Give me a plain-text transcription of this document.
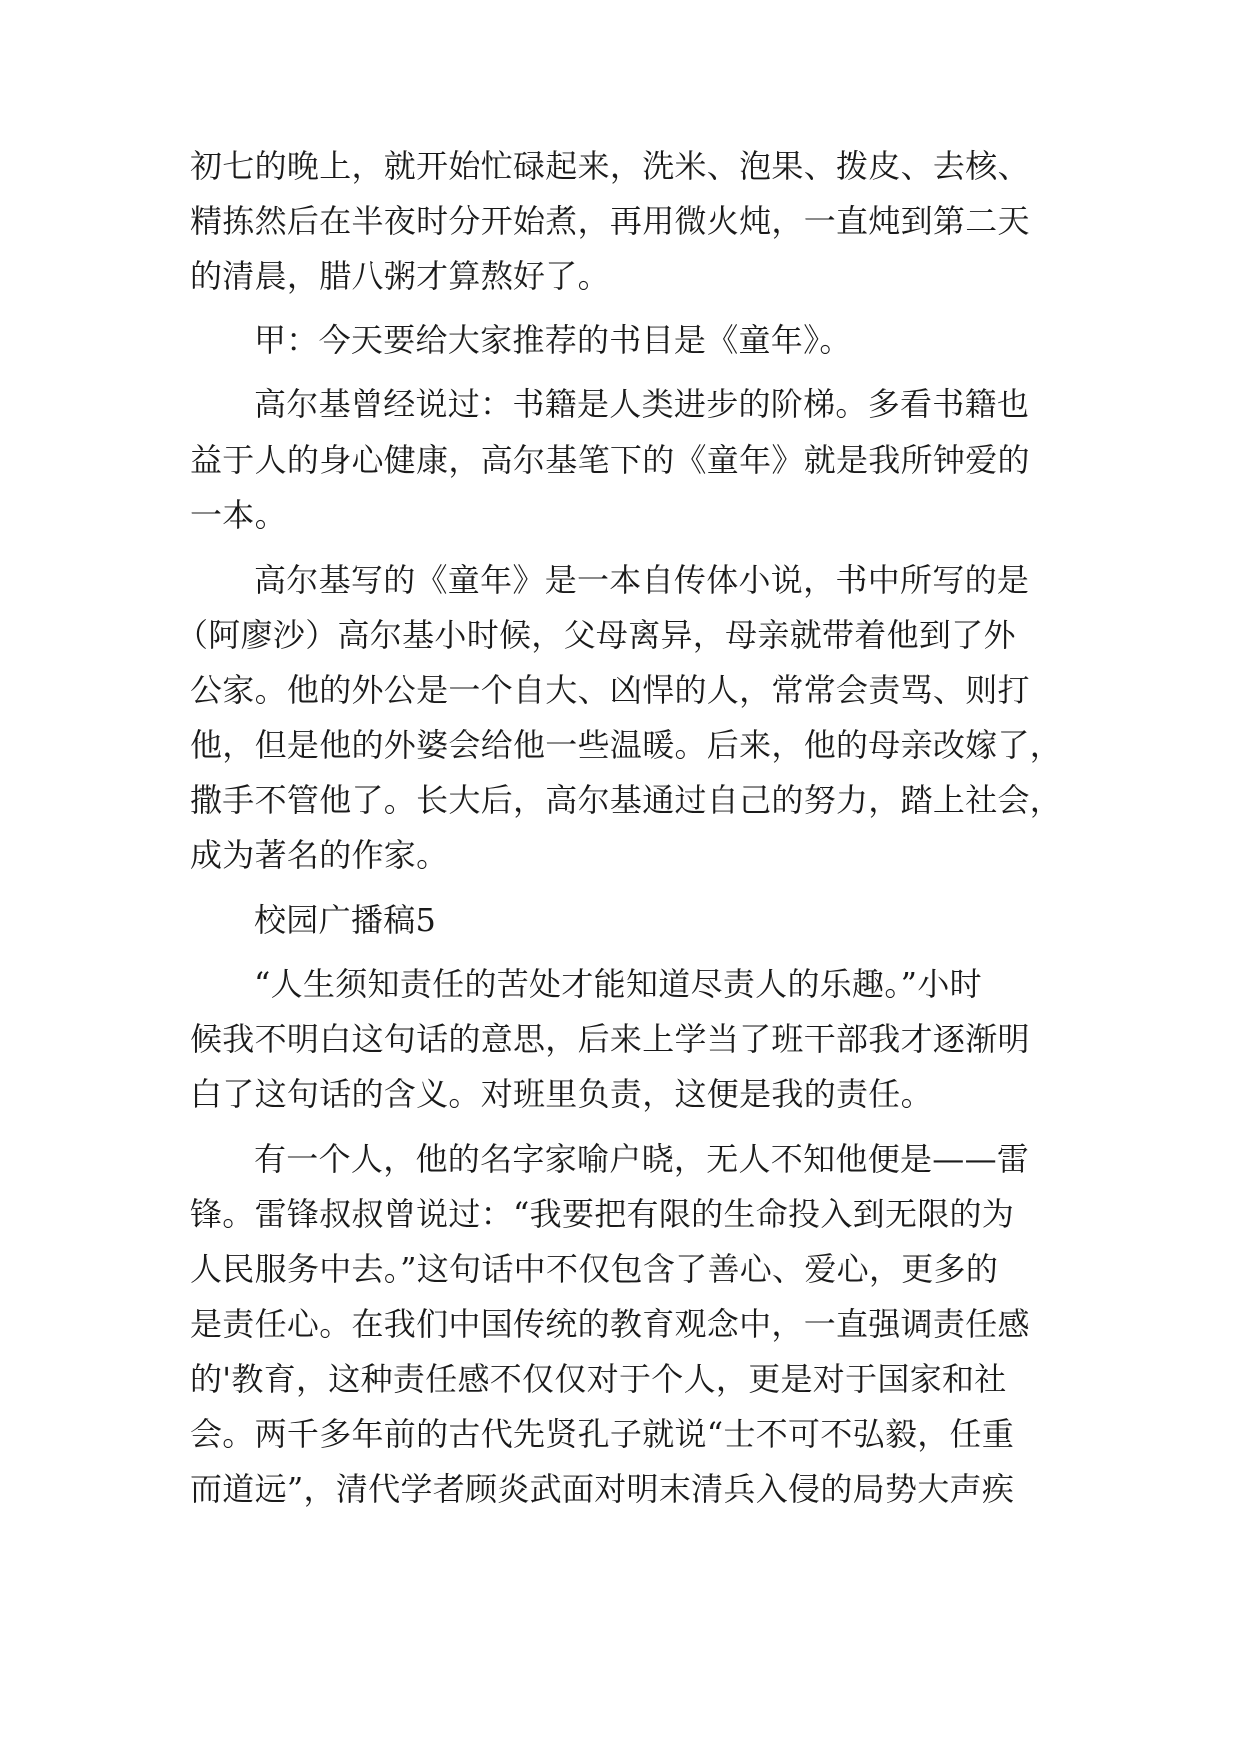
初七的晚上，就开始忙碌起来，洗米、泡果、拨皮、去核、
精拣然后在半夜时分开始煮，再用微火炖，一直炖到第二天
的清晨，腊八粥才算熬好了。
甲：今天要给大家推荐的书目是《童年》。
高尔基曾经说过：书籍是人类进步的阶梯。多看书籍也
益于人的身心健康，高尔基笔下的《童年》就是我所钟爱的
一本。
高尔基写的《童年》是一本自传体小说，书中所写的是
（阿廖沙）高尔基小时候，父母离异，母亲就带着他到了外
公家。他的外公是一个自大、凶悍的人，常常会责骂、则打
他，但是他的外婆会给他一些温暖。后来，他的母亲改嫁了，
撒手不管他了。长大后，高尔基通过自己的努力，踏上社会，
成为著名的作家。
校园广播稿5
“人生须知责任的苦处才能知道尽责人的乐趣。”小时
候我不明白这句话的意思，后来上学当了班干部我才逐渐明
白了这句话的含义。对班里负责，这便是我的责任。
有一个人，他的名字家喻户晓，无人不知他便是——雷
锋。雷锋叔叔曾说过：“我要把有限的生命投入到无限的为
人民服务中去。”这句话中不仅包含了善心、爱心，更多的
是责任心。在我们中国传统的教育观念中，一直强调责任感
的'教育，这种责任感不仅仅对于个人，更是对于国家和社
会。两千多年前的古代先贤孔子就说“士不可不弘毅，任重
而道远”，清代学者顾炎武面对明末清兵入侵的局势大声疾
